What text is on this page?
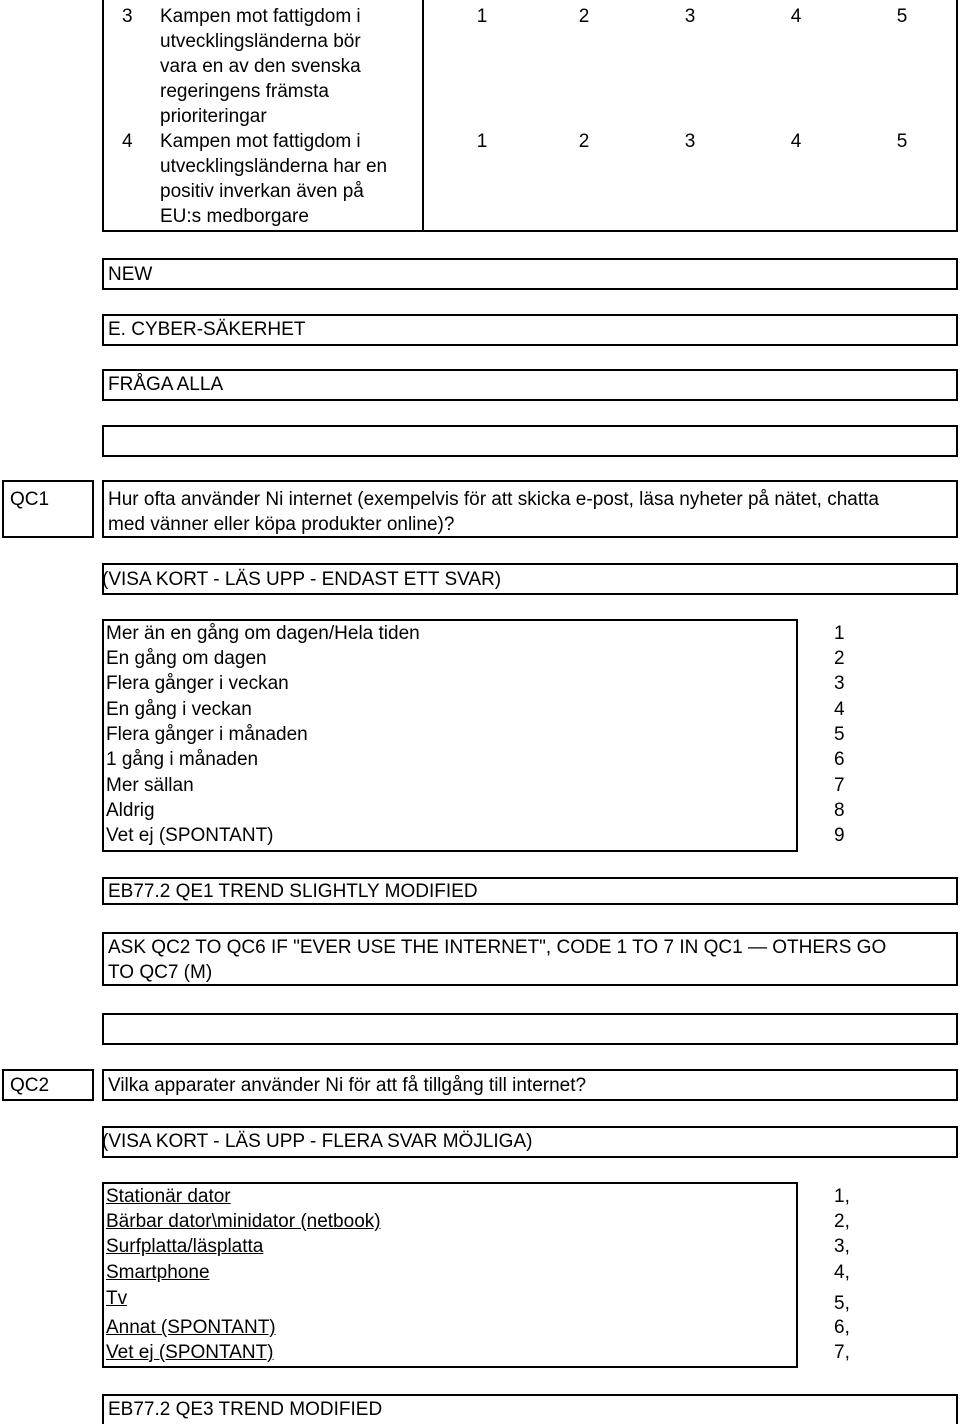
3 Kampen mot fattigdom i
utvecklingsländerna bör
vara en av den svenska
regeringens främsta
prioriteringar
1	2	3	4	5
4 Kampen mot fattigdom i
utvecklingsländerna har en
positiv inverkan även på
EU:s medborgare
1	2	3	4	5
NEW
E. CYBER-SÄKERHET
FRÅGA ALLA
QC1	Hur ofta använder Ni internet (exempelvis för att skicka e-post, läsa nyheter på nätet, chatta
med vänner eller köpa produkter online)?
(VISA KORT - LÄS UPP - ENDAST ETT SVAR)
Mer än en gång om dagen/Hela tiden	1
En gång om dagen	2
Flera gånger i veckan	3
En gång i veckan	4
Flera gånger i månaden	5
1 gång i månaden	6
Mer sällan	7
Aldrig	8
Vet ej (SPONTANT)	9
EB77.2 QE1 TREND SLIGHTLY MODIFIED
ASK QC2 TO QC6 IF "EVER USE THE INTERNET", CODE 1 TO 7 IN QC1 — OTHERS GO
TO QC7 (M)
QC2	Vilka apparater använder Ni för att få tillgång till internet?
(VISA KORT - LÄS UPP - FLERA SVAR MÖJLIGA)
Stationär dator	1,
Bärbar dator\minidator (netbook)	2,
Surfplatta/läsplatta	3,
Smartphone	4,
Tv	5,
Annat (SPONTANT)	6,
Vet ej (SPONTANT)	7,
EB77.2 QE3 TREND MODIFIED
